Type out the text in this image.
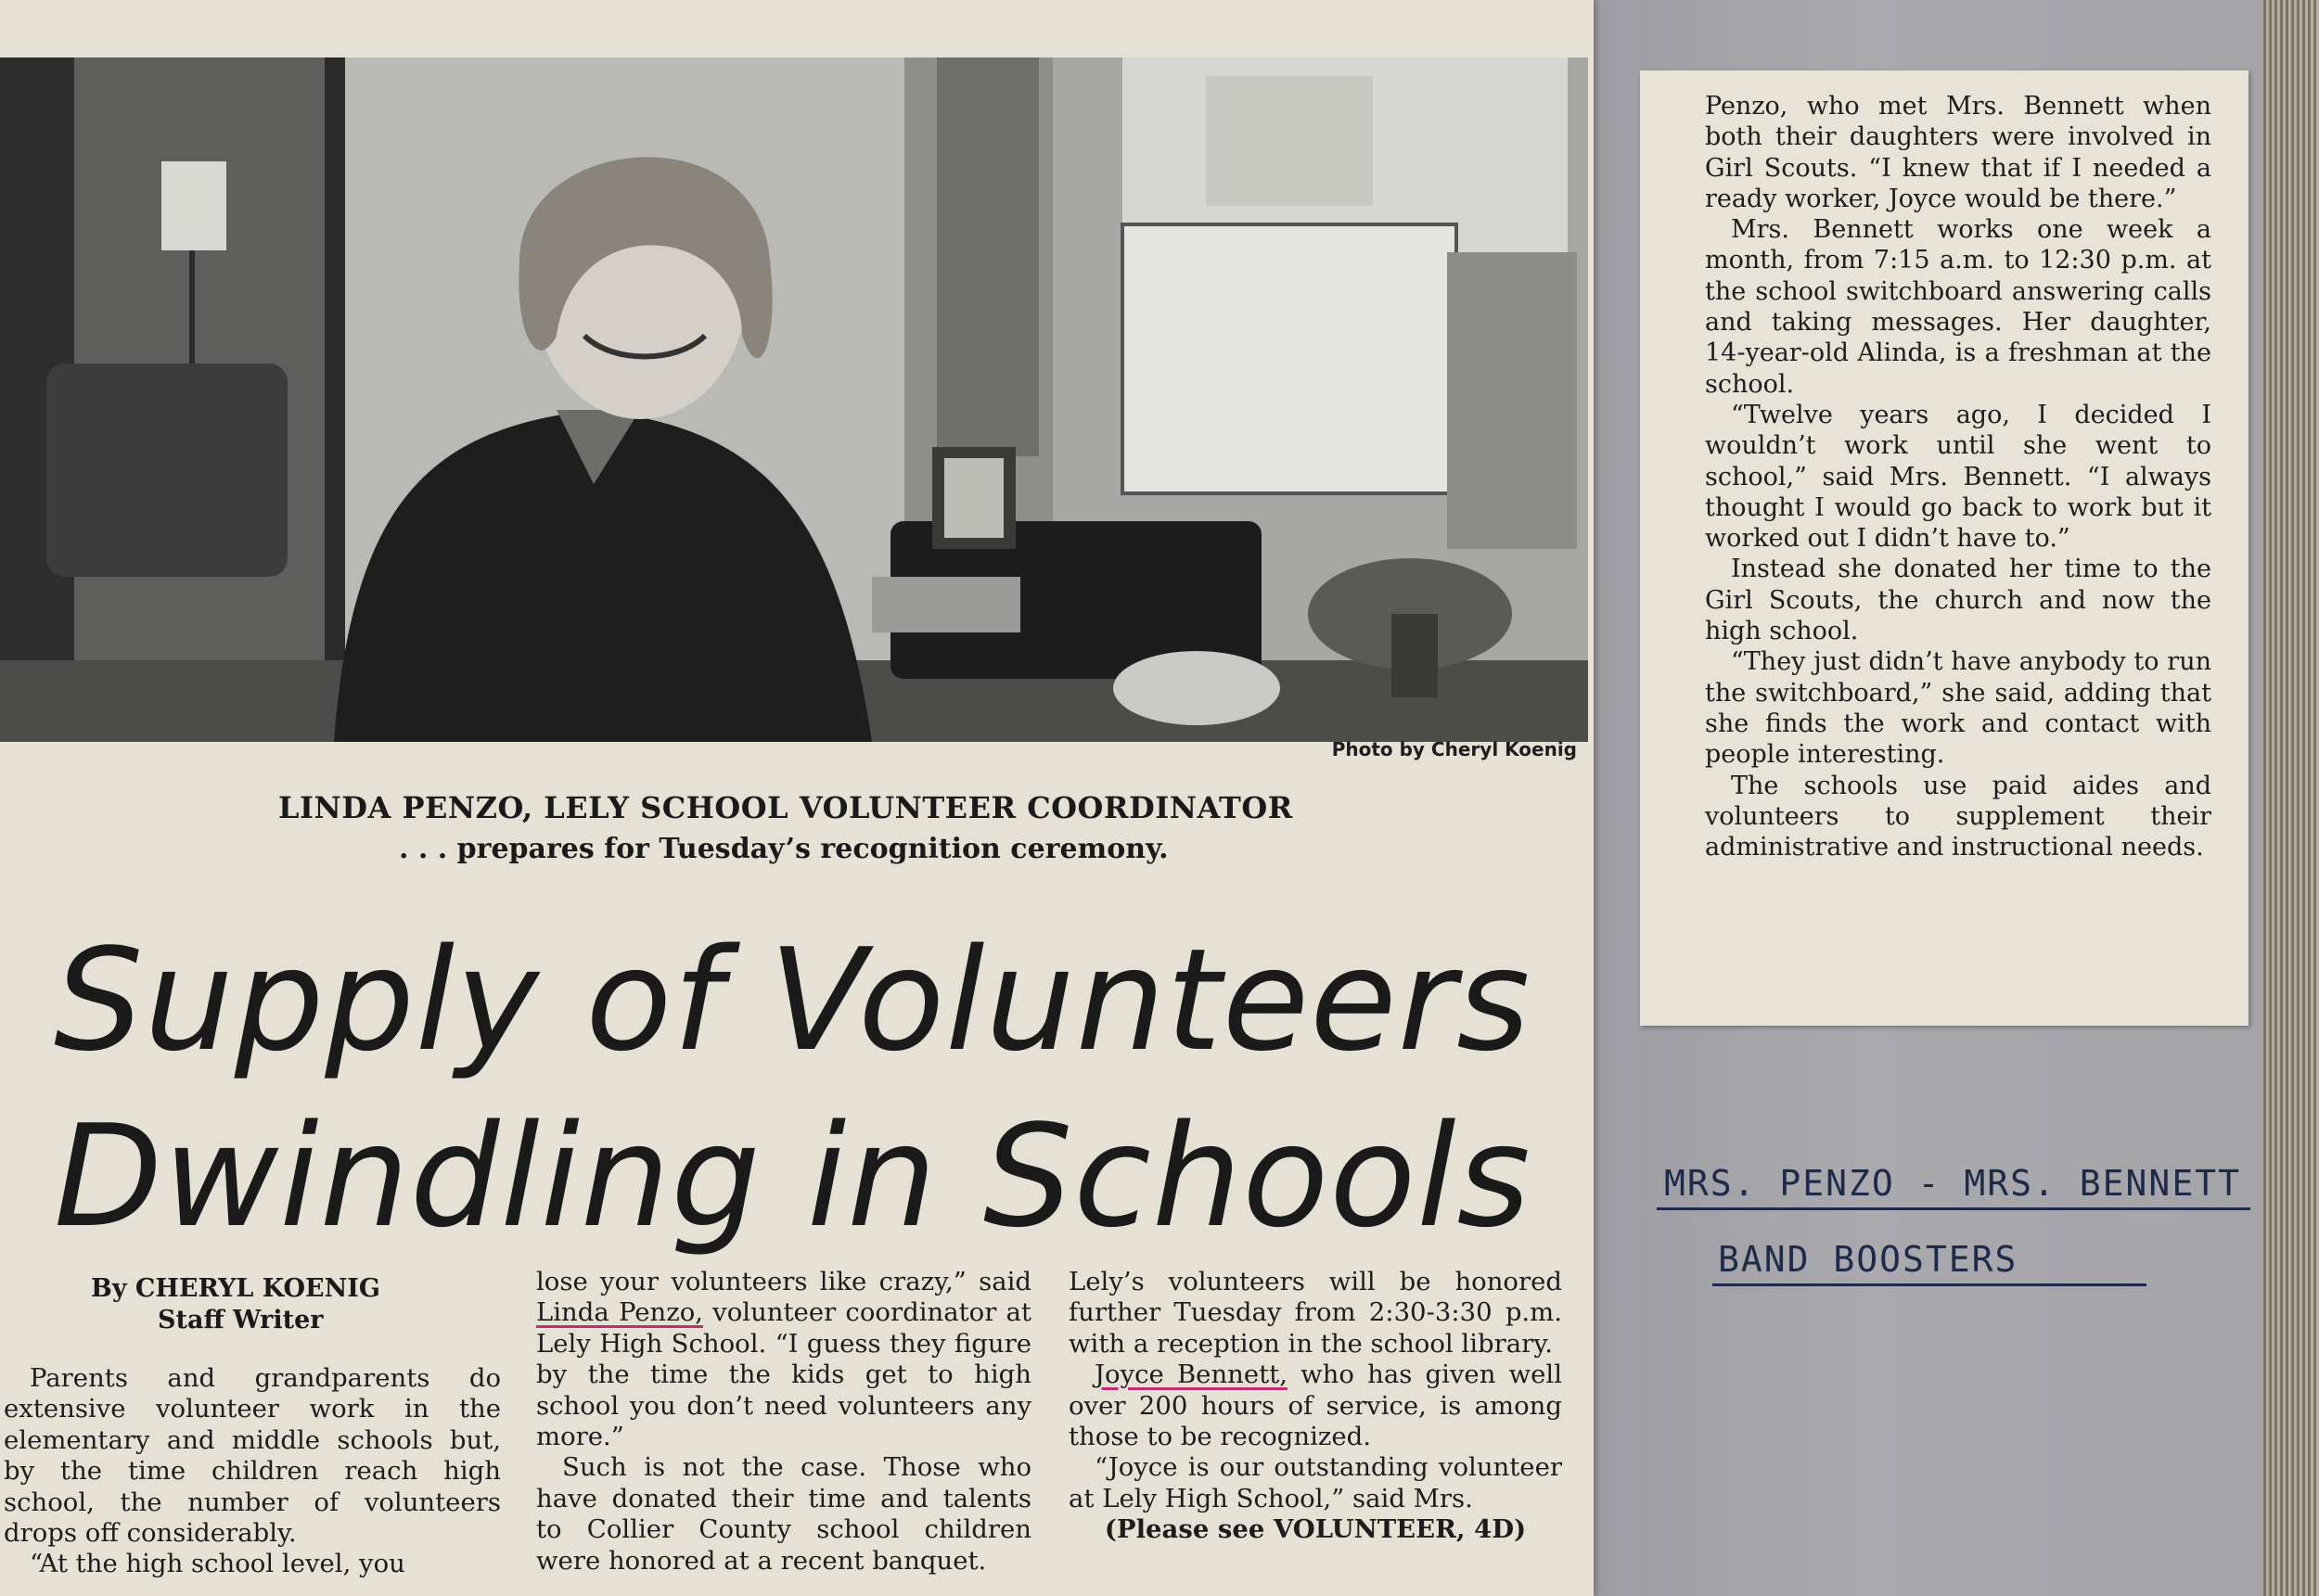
Photo by Cheryl Koenig
LINDA PENZO, LELY SCHOOL VOLUNTEER COORDINATOR
. . . prepares for Tuesday’s recognition ceremony.
Supply of Volunteers
Dwindling in Schools
By CHERYL KOENIG
Staff Writer

Parents and grandparents do extensive volunteer work in the elementary and middle schools but, by the time children reach high school, the number of volunteers drops off considerably.

“At the high school level, you

lose your volunteers like crazy,” said Linda Penzo, volunteer coordinator at Lely High School. “I guess they figure by the time the kids get to high school you don’t need volunteers any more.”

Such is not the case. Those who have donated their time and talents to Collier County school children were honored at a recent banquet.

Lely’s volunteers will be honored further Tuesday from 2:30-3:30 p.m. with a reception in the school library.

Joyce Bennett, who has given well over 200 hours of service, is among those to be recognized.

“Joyce is our outstanding volunteer at Lely High School,” said Mrs.

(Please see VOLUNTEER, 4D)

Penzo, who met Mrs. Bennett when both their daughters were involved in Girl Scouts. “I knew that if I needed a ready worker, Joyce would be there.”

Mrs. Bennett works one week a month, from 7:15 a.m. to 12:30 p.m. at the school switchboard answering calls and taking messages. Her daughter, 14-year-old Alinda, is a freshman at the school.

“Twelve years ago, I decided I wouldn’t work until she went to school,” said Mrs. Bennett. “I always thought I would go back to work but it worked out I didn’t have to.”

Instead she donated her time to the Girl Scouts, the church and now the high school.

“They just didn’t have anybody to run the switchboard,” she said, adding that she finds the work and contact with people interesting.

The schools use paid aides and volunteers to supplement their administrative and instructional needs.

MRS. PENZO - MRS. BENNETT
BAND BOOSTERS
